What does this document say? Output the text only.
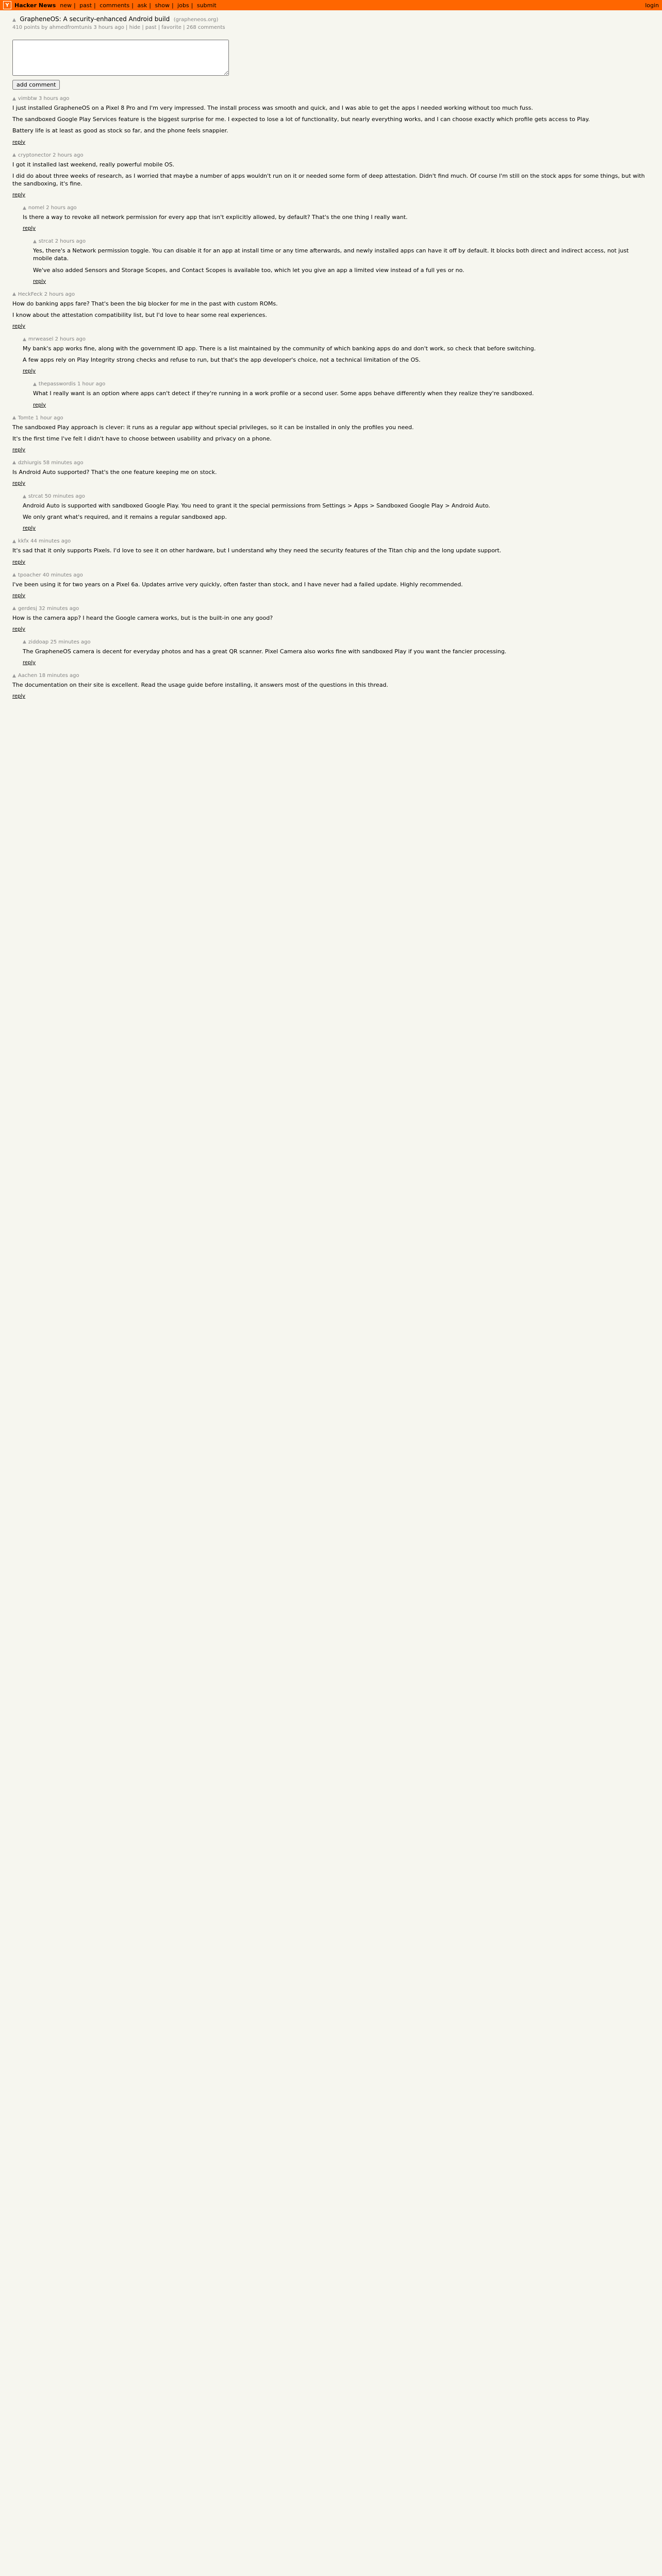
Y Hacker News new | past | comments | ask | show | jobs | submit	login
▲ GrapheneOS: A security-enhanced Android build (grapheneos.org)
410 points by ahmedfromtunis 3 hours ago | hide | past | favorite | 268 comments
add comment
▲ vimbtw
3 hours ago

I just installed GrapheneOS on a Pixel 8 Pro and I'm very impressed. The install process was smooth and quick, and I was able to get the apps I needed working without too much fuss.

The sandboxed Google Play Services feature is the biggest surprise for me. I expected to lose a lot of functionality, but nearly everything works, and I can choose exactly which profile gets access to Play.

Battery life is at least as good as stock so far, and the phone feels snappier.

reply
▲ cryptonector
2 hours ago

I got it installed last weekend, really powerful mobile OS.

I did do about three weeks of research, as I worried that maybe a number of apps wouldn't run on it or needed some form of deep attestation. Didn't find much. Of course I'm still on the stock apps for some things, but with the sandboxing, it's fine.

reply
▲ nomel
2 hours ago

Is there a way to revoke all network permission for every app that isn't explicitly allowed, by default? That's the one thing I really want.

reply
▲ strcat
2 hours ago

Yes, there's a Network permission toggle. You can disable it for an app at install time or any time afterwards, and newly installed apps can have it off by default. It blocks both direct and indirect access, not just mobile data.

We've also added Sensors and Storage Scopes, and Contact Scopes is available too, which let you give an app a limited view instead of a full yes or no.

reply
▲ HeckFeck
2 hours ago

How do banking apps fare? That's been the big blocker for me in the past with custom ROMs.

I know about the attestation compatibility list, but I'd love to hear some real experiences.

reply
▲ mrweasel
2 hours ago

My bank's app works fine, along with the government ID app. There is a list maintained by the community of which banking apps do and don't work, so check that before switching.

A few apps rely on Play Integrity strong checks and refuse to run, but that's the app developer's choice, not a technical limitation of the OS.

reply
▲ thepasswordis
1 hour ago

What I really want is an option where apps can't detect if they're running in a work profile or a second user. Some apps behave differently when they realize they're sandboxed.

reply
▲ Tomte
1 hour ago

The sandboxed Play approach is clever: it runs as a regular app without special privileges, so it can be installed in only the profiles you need.

It's the first time I've felt I didn't have to choose between usability and privacy on a phone.

reply
▲ dzhiurgis
58 minutes ago

Is Android Auto supported? That's the one feature keeping me on stock.

reply
▲ strcat
50 minutes ago

Android Auto is supported with sandboxed Google Play. You need to grant it the special permissions from Settings > Apps > Sandboxed Google Play > Android Auto.

We only grant what's required, and it remains a regular sandboxed app.

reply
▲ kkfx
44 minutes ago

It's sad that it only supports Pixels. I'd love to see it on other hardware, but I understand why they need the security features of the Titan chip and the long update support.

reply
▲ tpoacher
40 minutes ago

I've been using it for two years on a Pixel 6a. Updates arrive very quickly, often faster than stock, and I have never had a failed update. Highly recommended.

reply
▲ gerdesj
32 minutes ago

How is the camera app? I heard the Google camera works, but is the built-in one any good?

reply
▲ ziddoap
25 minutes ago

The GrapheneOS camera is decent for everyday photos and has a great QR scanner. Pixel Camera also works fine with sandboxed Play if you want the fancier processing.

reply
▲ Aachen
18 minutes ago

The documentation on their site is excellent. Read the usage guide before installing, it answers most of the questions in this thread.

reply
